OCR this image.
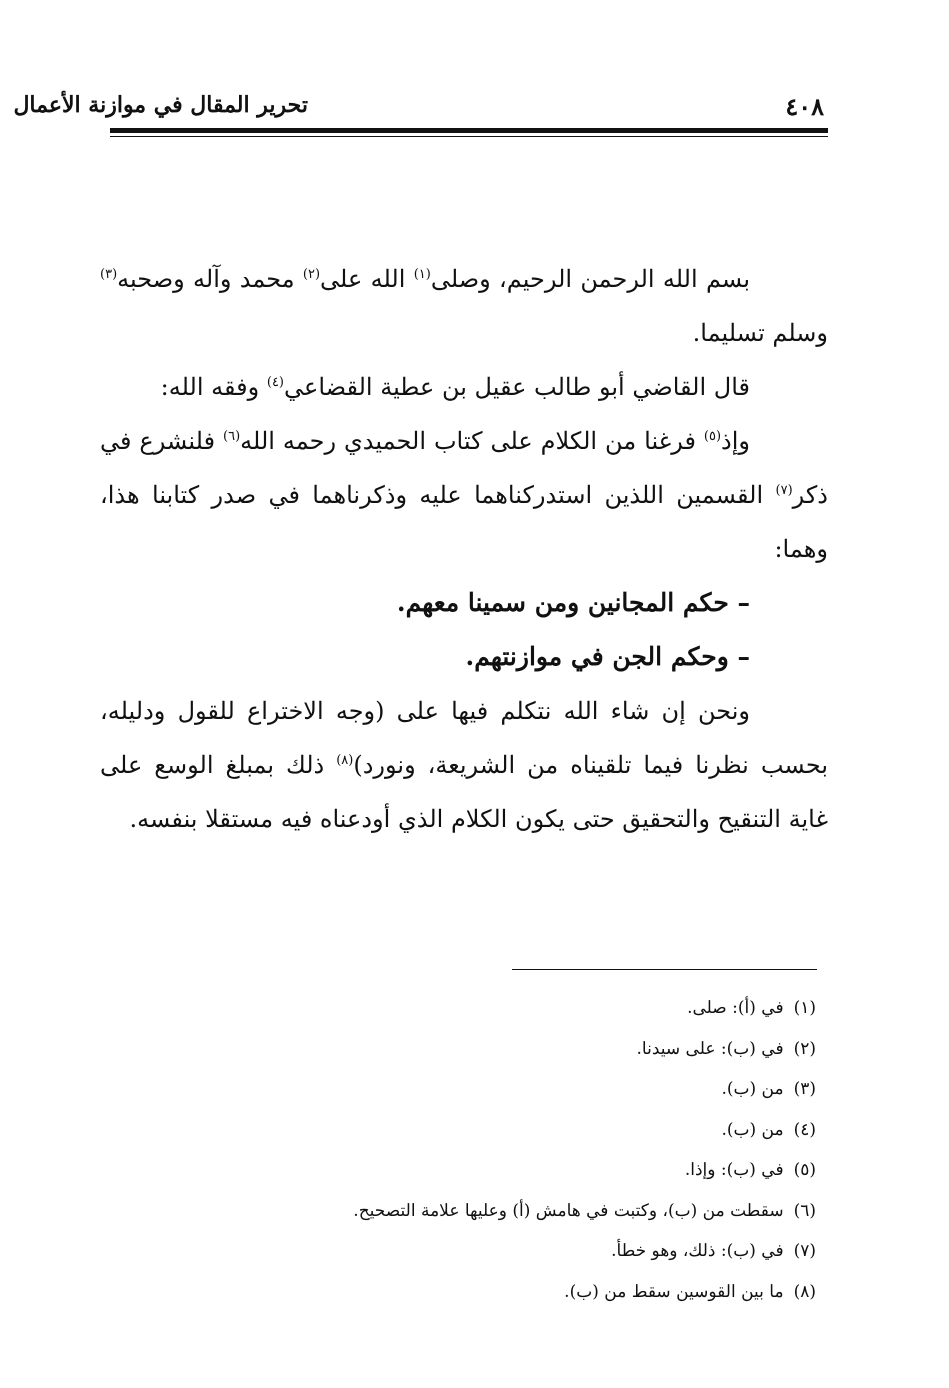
٤٠٨
تحرير المقال في موازنة الأعمال

بسم الله الرحمن الرحيم، وصلى$^{(١)}$ الله على$^{(٢)}$ محمد وآله وصحبه$^{(٣)}$ وسلم تسليما.

قال القاضي أبو طالب عقيل بن عطية القضاعي$^{(٤)}$ وفقه الله:

وإذ$^{(٥)}$ فرغنا من الكلام على كتاب الحميدي رحمه الله$^{(٦)}$ فلنشرع في ذكر$^{(٧)}$ القسمين اللذين استدركناهما عليه وذكرناهما في صدر كتابنا هذا، وهما:

– حكم المجانين ومن سمينا معهم.

– وحكم الجن في موازنتهم.

ونحن إن شاء الله نتكلم فيها على (وجه الاختراع للقول ودليله، بحسب نظرنا فيما تلقيناه من الشريعة، ونورد)$^{(٨)}$ ذلك بمبلغ الوسع على غاية التنقيح والتحقيق حتى يكون الكلام الذي أودعناه فيه مستقلا بنفسه.

(١)في (أ): صلى.
(٢)في (ب): على سيدنا.
(٣)من (ب).
(٤)من (ب).
(٥)في (ب): وإذا.
(٦)سقطت من (ب)، وكتبت في هامش (أ) وعليها علامة التصحيح.
(٧)في (ب): ذلك، وهو خطأ.
(٨)ما بين القوسين سقط من (ب).
